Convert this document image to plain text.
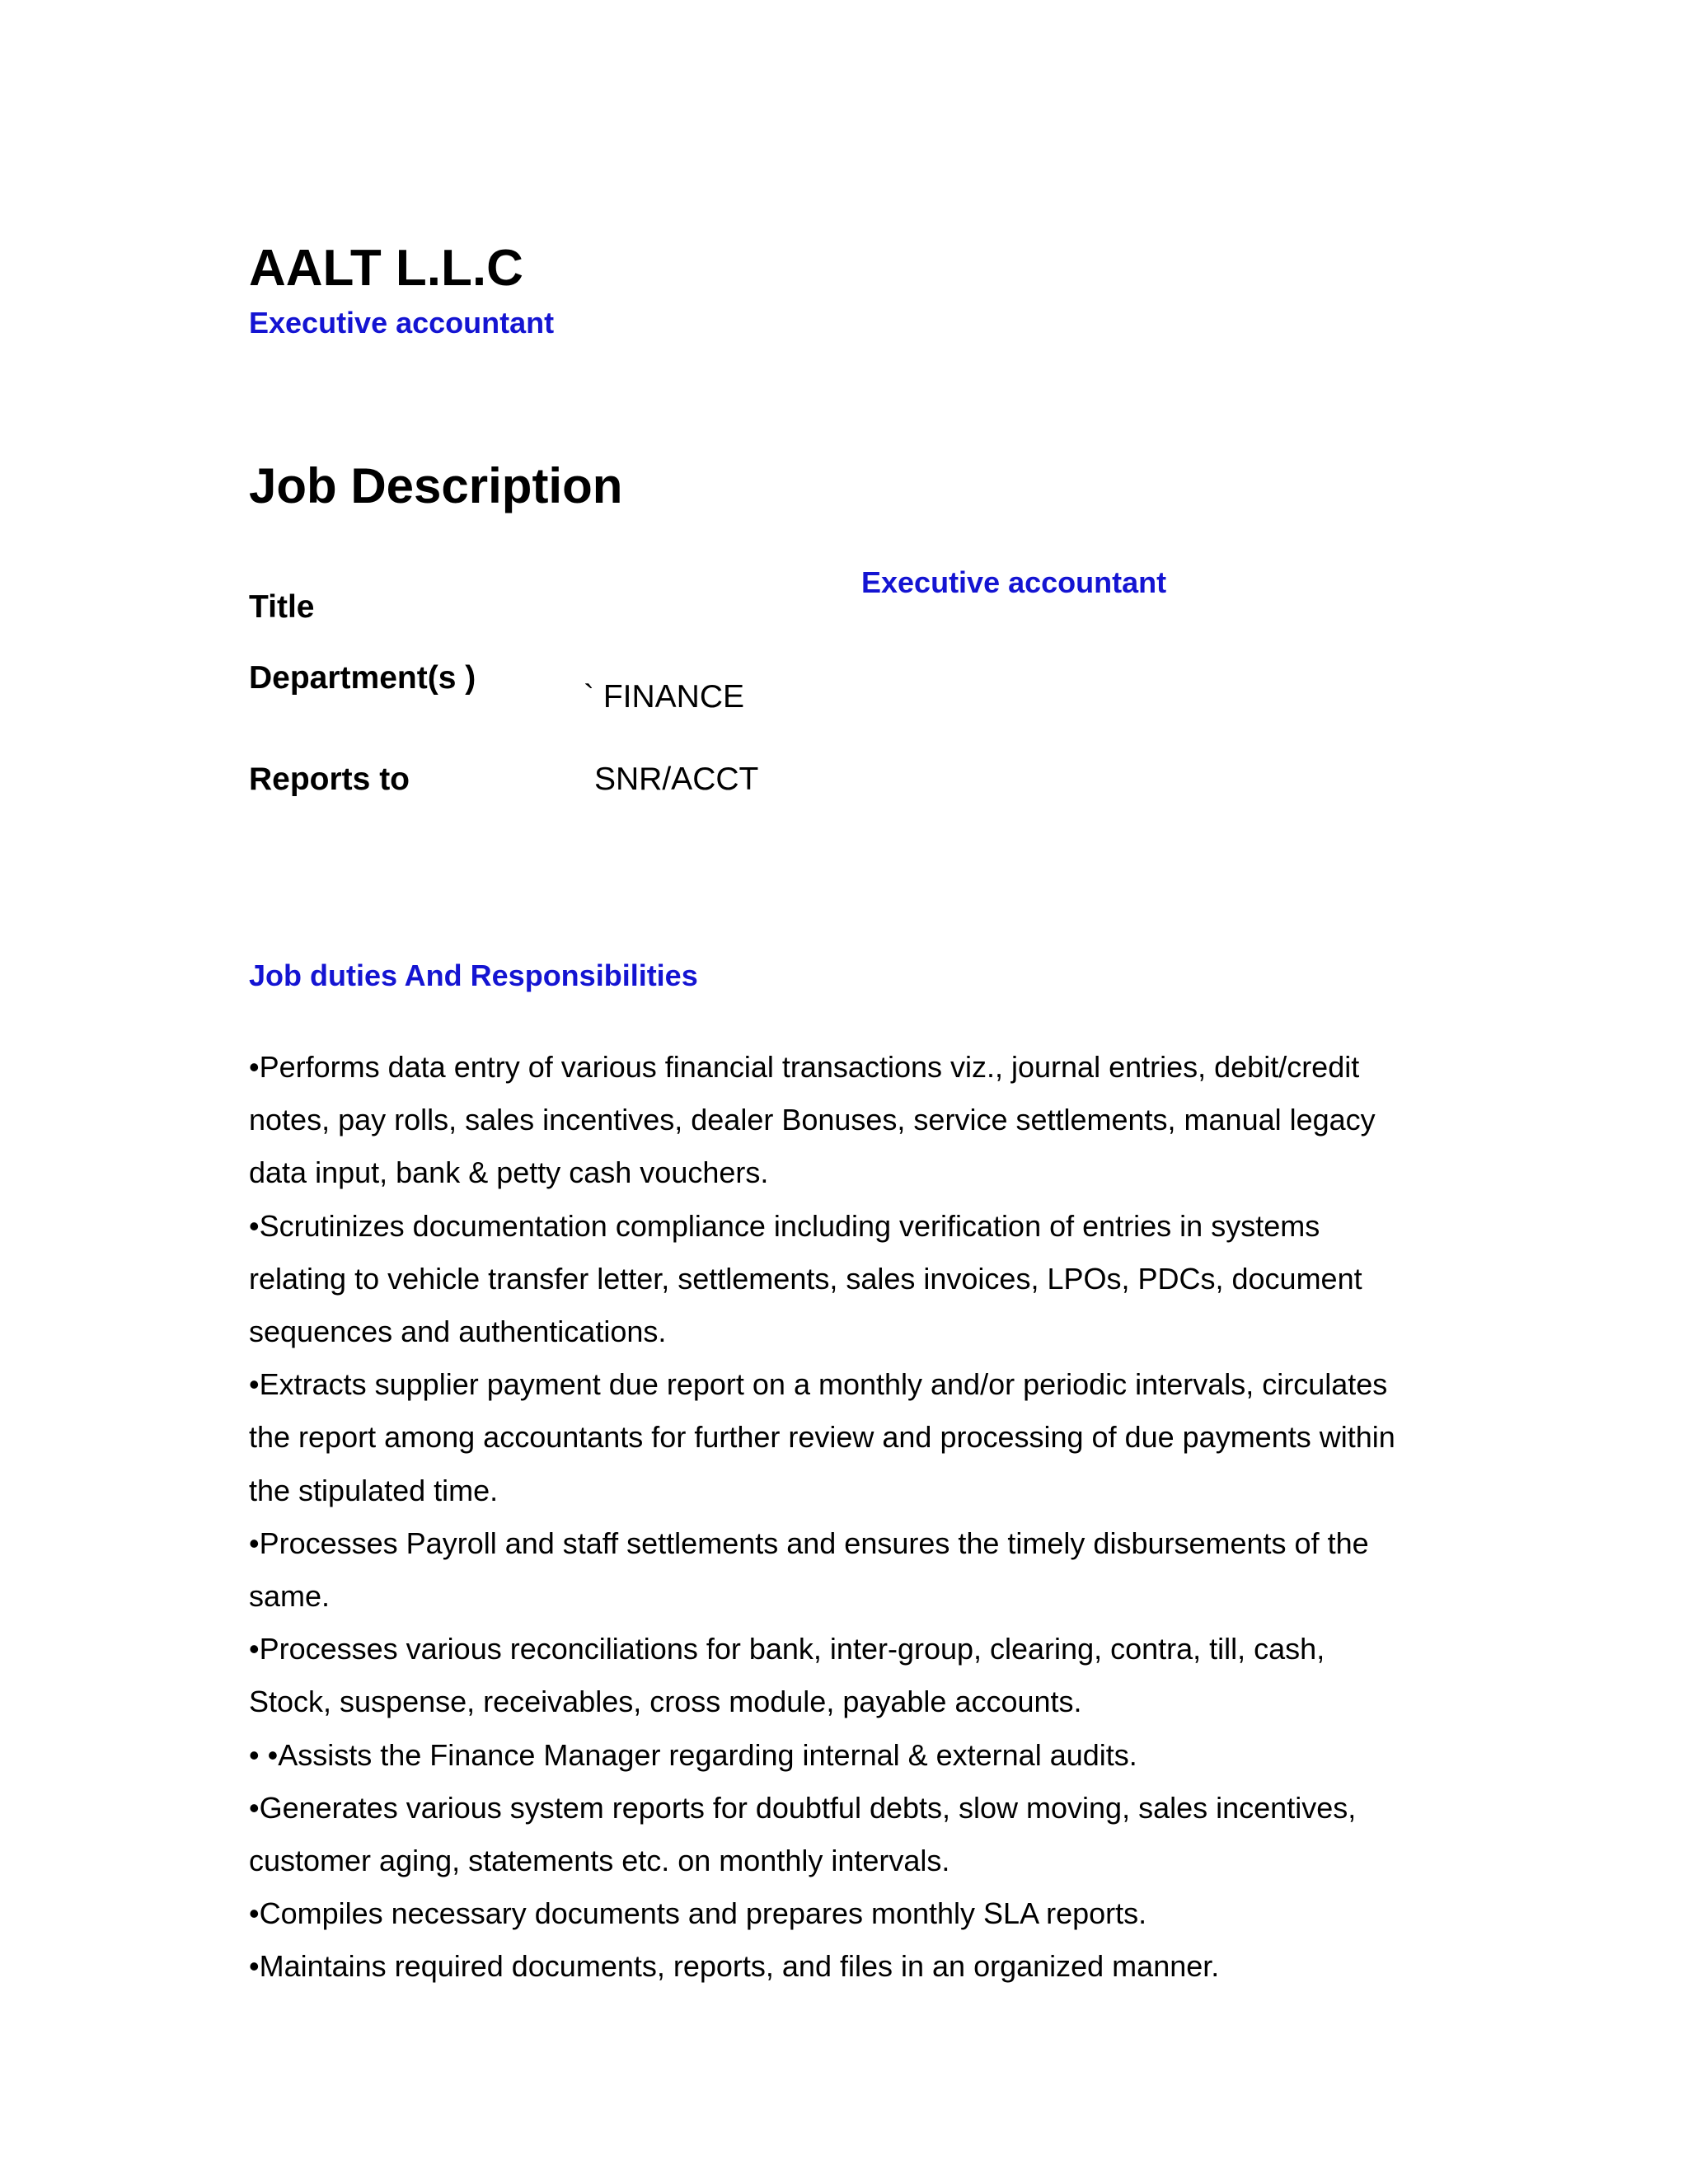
AALT L.L.C
Executive accountant
Job Description
Executive accountant
Title
Department(s )
` FINANCE
Reports to	SNR/ACCT
Job duties And Responsibilities
•Performs data entry of various financial transactions viz., journal entries, debit/credit
notes, pay rolls, sales incentives, dealer Bonuses, service settlements, manual legacy
data input, bank & petty cash vouchers.
•Scrutinizes documentation compliance including verification of entries in systems
relating to vehicle transfer letter, settlements, sales invoices, LPOs, PDCs, document
sequences and authentications.
•Extracts supplier payment due report on a monthly and/or periodic intervals, circulates
the report among accountants for further review and processing of due payments within
the stipulated time.
•Processes Payroll and staff settlements and ensures the timely disbursements of the
same.
•Processes various reconciliations for bank, inter-group, clearing, contra, till, cash,
Stock, suspense, receivables, cross module, payable accounts.
• •Assists the Finance Manager regarding internal & external audits.
•Generates various system reports for doubtful debts, slow moving, sales incentives,
customer aging, statements etc. on monthly intervals.
•Compiles necessary documents and prepares monthly SLA reports.
•Maintains required documents, reports, and files in an organized manner.
